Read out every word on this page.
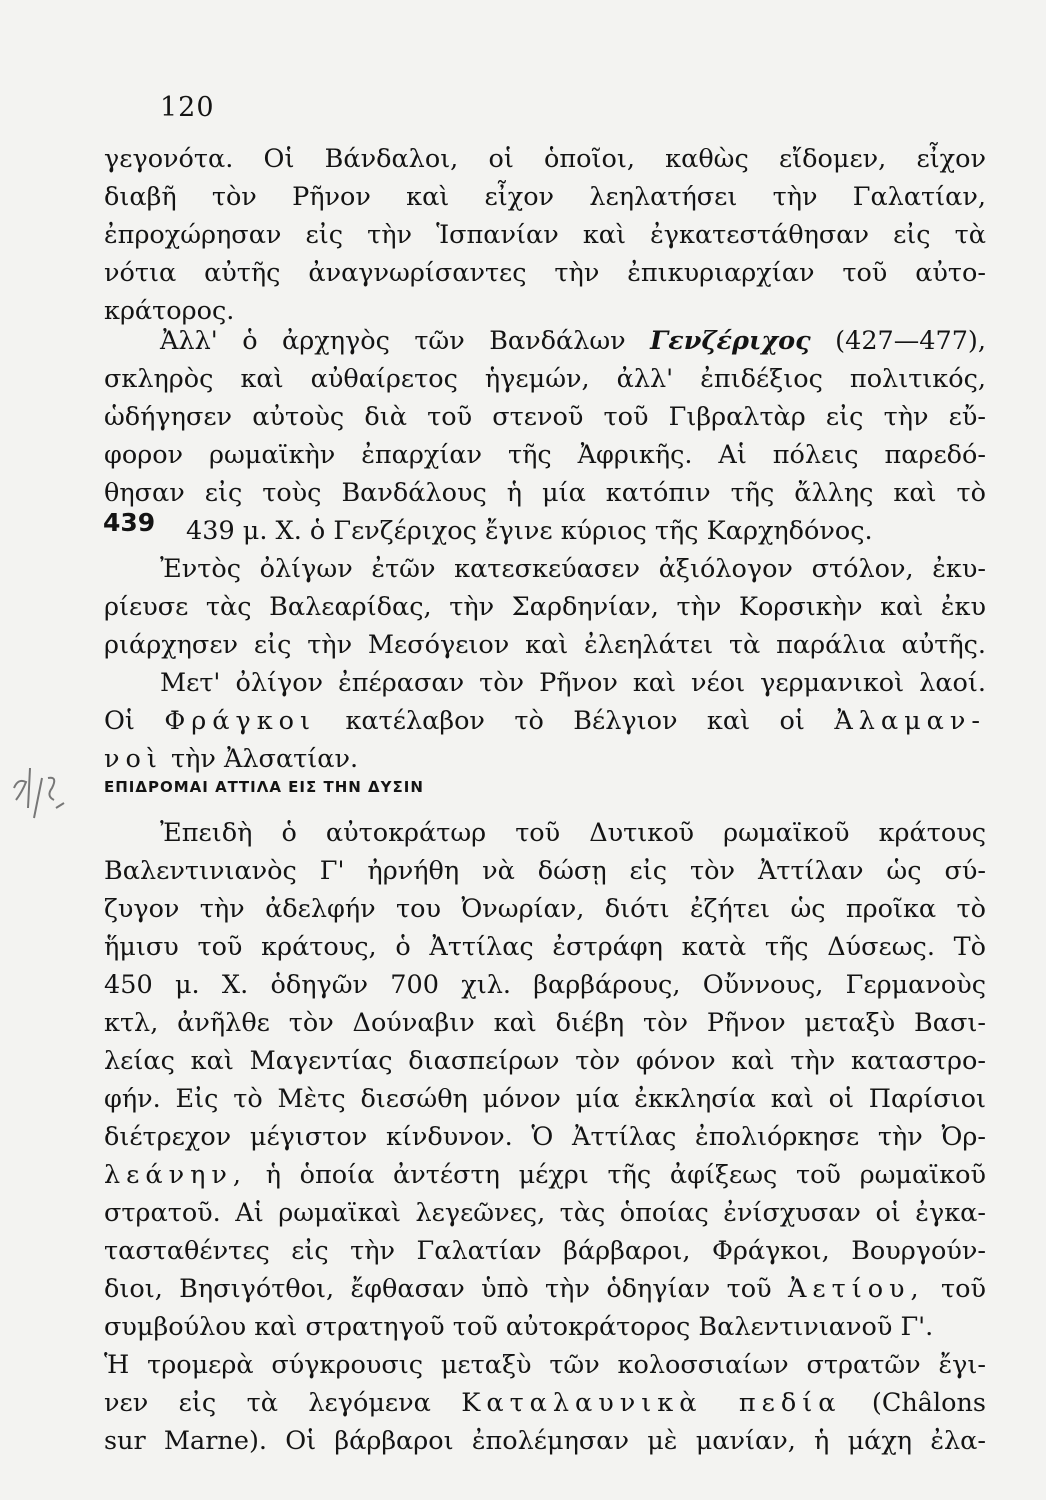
120
439
γεγονότα. Οἱ Βάνδαλοι, οἱ ὁποῖοι, καθὼς εἴδομεν, εἶχον
διαβῆ τὸν Ρῆνον καὶ εἶχον λεηλατήσει τὴν Γαλατίαν,
ἐπροχώρησαν εἰς τὴν Ἱσπανίαν καὶ ἐγκατεστάθησαν εἰς τὰ
νότια αὐτῆς ἀναγνωρίσαντες τὴν ἐπικυριαρχίαν τοῦ αὐτο-
κράτορος.
Ἀλλ' ὁ ἀρχηγὸς τῶν Βανδάλων Γενζέριχος (427—477),
σκληρὸς καὶ αὐθαίρετος ἡγεμών, ἀλλ' ἐπιδέξιος πολιτικός,
ὡδήγησεν αὐτοὺς διὰ τοῦ στενοῦ τοῦ Γιβραλτὰρ εἰς τὴν εὔ-
φορον ρωμαϊκὴν ἐπαρχίαν τῆς Ἀφρικῆς. Αἱ πόλεις παρεδό-
θησαν εἰς τοὺς Βανδάλους ἡ μία κατόπιν τῆς ἄλλης καὶ τὸ
439 μ. Χ. ὁ Γενζέριχος ἔγινε κύριος τῆς Καρχηδόνος.
Ἐντὸς ὀλίγων ἐτῶν κατεσκεύασεν ἀξιόλογον στόλον, ἐκυ-
ρίευσε τὰς Βαλεαρίδας, τὴν Σαρδηνίαν, τὴν Κορσικὴν καὶ ἐκυ
ριάρχησεν εἰς τὴν Μεσόγειον καὶ ἐλεηλάτει τὰ παράλια αὐτῆς.
Μετ' ὀλίγον ἐπέρασαν τὸν Ρῆνον καὶ νέοι γερμανικοὶ λαοί.
Οἱ Φράγκοι κατέλαβον τὸ Βέλγιον καὶ οἱ Ἀλαμαν-
νοὶ τὴν Ἀλσατίαν.
ΕΠΙΔΡΟΜΑΙ ΑΤΤΙΛΑ ΕΙΣ ΤΗΝ ΔΥΣΙΝ
Ἐπειδὴ ὁ αὐτοκράτωρ τοῦ Δυτικοῦ ρωμαϊκοῦ κράτους
Βαλεντινιανὸς Γ' ἠρνήθη νὰ δώσῃ εἰς τὸν Ἀττίλαν ὡς σύ-
ζυγον τὴν ἀδελφήν του Ὀνωρίαν, διότι ἐζήτει ὡς προῖκα τὸ
ἥμισυ τοῦ κράτους, ὁ Ἀττίλας ἐστράφη κατὰ τῆς Δύσεως. Τὸ
450 μ. Χ. ὁδηγῶν 700 χιλ. βαρβάρους, Οὔννους, Γερμανοὺς
κτλ, ἀνῆλθε τὸν Δούναβιν καὶ διέβη τὸν Ρῆνον μεταξὺ Βασι-
λείας καὶ Μαγεντίας διασπείρων τὸν φόνον καὶ τὴν καταστρο-
φήν. Εἰς τὸ Μὲτς διεσώθη μόνον μία ἐκκλησία καὶ οἱ Παρίσιοι
διέτρεχον μέγιστον κίνδυνον. Ὁ Ἀττίλας ἐπολιόρκησε τὴν Ὀρ-
λεάνην, ἡ ὁποία ἀντέστη μέχρι τῆς ἀφίξεως τοῦ ρωμαϊκοῦ
στρατοῦ. Αἱ ρωμαϊκαὶ λεγεῶνες, τὰς ὁποίας ἐνίσχυσαν οἱ ἐγκα-
τασταθέντες εἰς τὴν Γαλατίαν βάρβαροι, Φράγκοι, Βουργούν-
διοι, Βησιγότθοι, ἔφθασαν ὑπὸ τὴν ὁδηγίαν τοῦ Ἀετίου, τοῦ
συμβούλου καὶ στρατηγοῦ τοῦ αὐτοκράτορος Βαλεντινιανοῦ Γ'.
Ἡ τρομερὰ σύγκρουσις μεταξὺ τῶν κολοσσιαίων στρατῶν ἔγι-
νεν εἰς τὰ λεγόμενα Καταλαυνικὰ πεδία (Châlons
sur Marne). Οἱ βάρβαροι ἐπολέμησαν μὲ μανίαν, ἡ μάχη ἐλα-
